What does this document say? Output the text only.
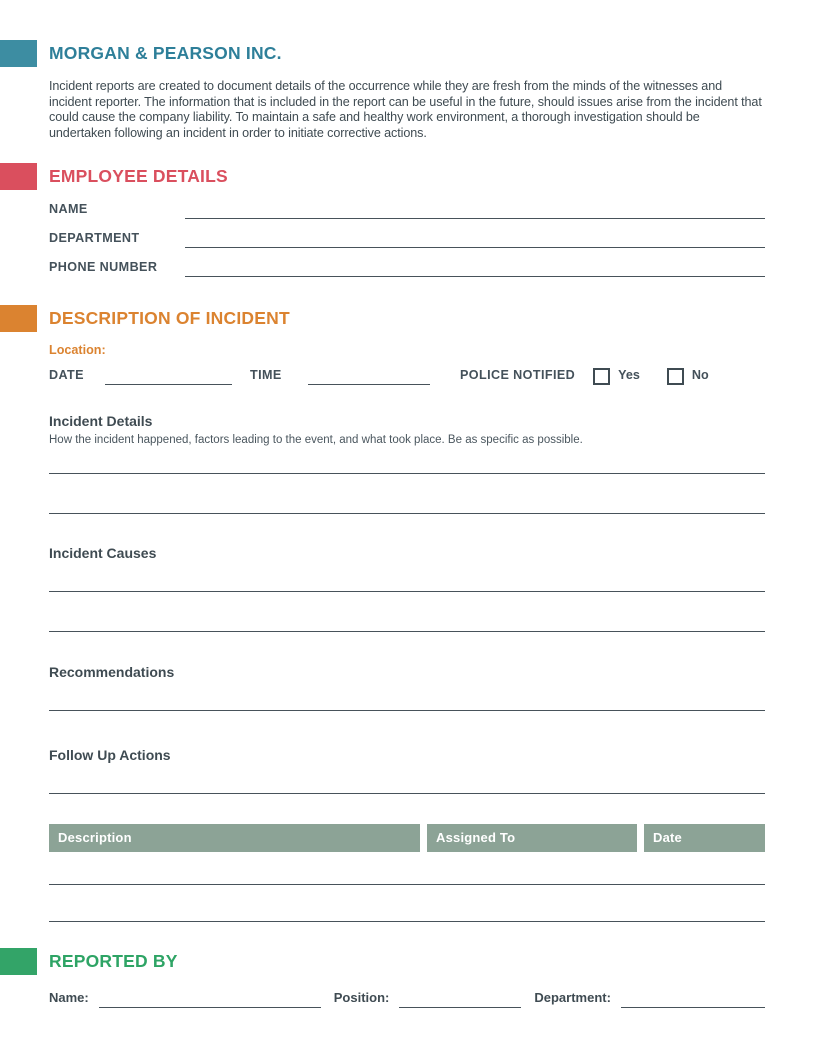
MORGAN & PEARSON INC.

Incident reports are created to document details of the occurrence while they are fresh from the minds of the witnesses and incident reporter. The information that is included in the report can be useful in the future, should issues arise from the incident that could cause the company liability. To maintain a safe and healthy work environment, a thorough investigation should be undertaken following an incident in order to initiate corrective actions.

EMPLOYEE DETAILS
NAME
DEPARTMENT
PHONE NUMBER
DESCRIPTION OF INCIDENT
Location:
DATE	TIME	POLICE NOTIFIED	Yes	No
Incident Details
How the incident happened, factors leading to the event, and what took place. Be as specific as possible.
Incident Causes
Recommendations
Follow Up Actions
Description	Assigned To	Date
REPORTED BY
Name:	Position:	Department:
